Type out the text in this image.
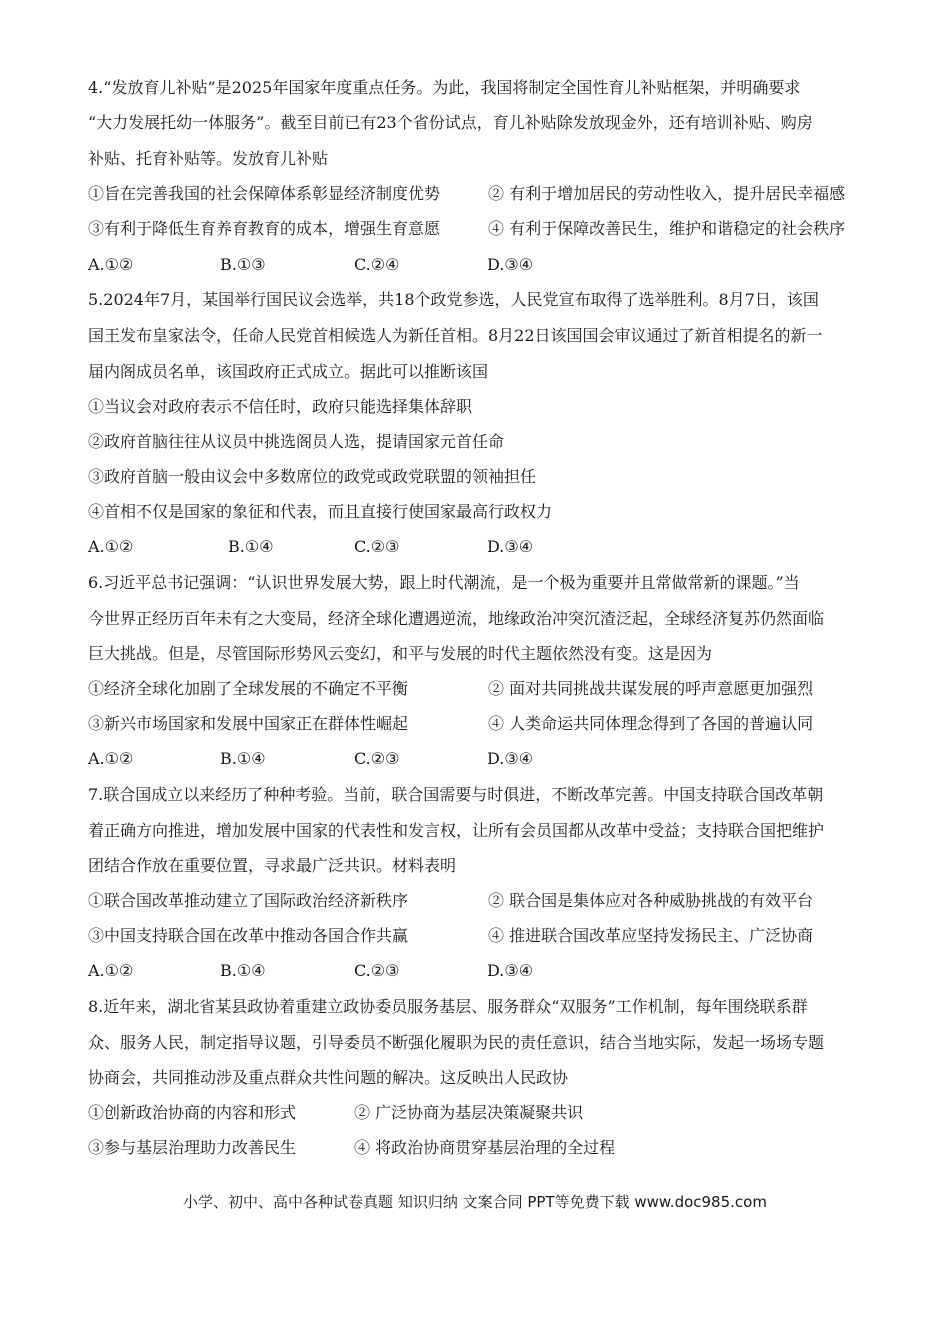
4.“发放育儿补贴”是2025年国家年度重点任务。为此，我国将制定全国性育儿补贴框架，并明确要求
“大力发展托幼一体服务”。截至目前已有23个省份试点，育儿补贴除发放现金外，还有培训补贴、购房
补贴、托育补贴等。发放育儿补贴
①旨在完善我国的社会保障体系彰显经济制度优势	② 有利于增加居民的劳动性收入，提升居民幸福感
③有利于降低生育养育教育的成本，增强生育意愿	④ 有利于保障改善民生，维护和谐稳定的社会秩序
A.①②	B.①③	C.②④	D.③④
5.2024年7月，某国举行国民议会选举，共18个政党参选，人民党宣布取得了选举胜利。8月7日，该国
国王发布皇家法令，任命人民党首相候选人为新任首相。8月22日该国国会审议通过了新首相提名的新一
届内阁成员名单，该国政府正式成立。据此可以推断该国
①当议会对政府表示不信任时，政府只能选择集体辞职
②政府首脑往往从议员中挑选阁员人选，提请国家元首任命
③政府首脑一般由议会中多数席位的政党或政党联盟的领袖担任
④首相不仅是国家的象征和代表，而且直接行使国家最高行政权力
A.①②	B.①④	C.②③	D.③④
6.习近平总书记强调：“认识世界发展大势，跟上时代潮流，是一个极为重要并且常做常新的课题。”当
今世界正经历百年未有之大变局，经济全球化遭遇逆流，地缘政治冲突沉渣泛起，全球经济复苏仍然面临
巨大挑战。但是，尽管国际形势风云变幻，和平与发展的时代主题依然没有变。这是因为
①经济全球化加剧了全球发展的不确定不平衡	② 面对共同挑战共谋发展的呼声意愿更加强烈
③新兴市场国家和发展中国家正在群体性崛起	④ 人类命运共同体理念得到了各国的普遍认同
A.①②	B.①④	C.②③	D.③④
7.联合国成立以来经历了种种考验。当前，联合国需要与时俱进，不断改革完善。中国支持联合国改革朝
着正确方向推进，增加发展中国家的代表性和发言权，让所有会员国都从改革中受益；支持联合国把维护
团结合作放在重要位置，寻求最广泛共识。材料表明
①联合国改革推动建立了国际政治经济新秩序	② 联合国是集体应对各种威胁挑战的有效平台
③中国支持联合国在改革中推动各国合作共赢	④ 推进联合国改革应坚持发扬民主、广泛协商
A.①②	B.①④	C.②③	D.③④
8.近年来，湖北省某县政协着重建立政协委员服务基层、服务群众“双服务”工作机制，每年围绕联系群
众、服务人民，制定指导议题，引导委员不断强化履职为民的责任意识，结合当地实际，发起一场场专题
协商会，共同推动涉及重点群众共性问题的解决。这反映出人民政协
①创新政治协商的内容和形式	② 广泛协商为基层决策凝聚共识
③参与基层治理助力改善民生	④ 将政治协商贯穿基层治理的全过程
小学、初中、高中各种试卷真题 知识归纳 文案合同 PPT等免费下载 www.doc985.com
